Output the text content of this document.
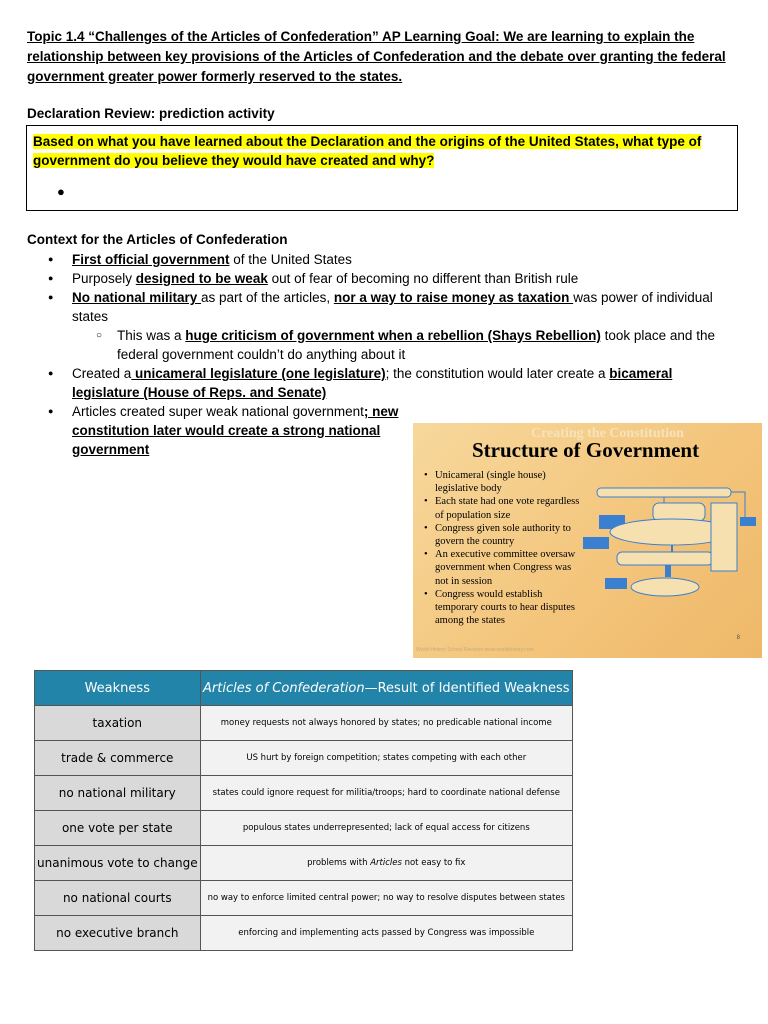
Topic 1.4 “Challenges of the Articles of Confederation” AP Learning Goal: We are learning to explain the relationship between key provisions of the Articles of Confederation and the debate over granting the federal government greater power formerly reserved to the states.
Declaration Review: prediction activity
Based on what you have learned about the Declaration and the origins of the United States, what type of government do you believe they would have created and why?
●
Context for the Articles of Confederation
● First official government of the United States
● Purposely designed to be weak out of fear of becoming no different than British rule
● No national military as part of the articles, nor a way to raise money as taxation was power of individual states
○ This was a huge criticism of government when a rebellion (Shays Rebellion) took place and the federal government couldn’t do anything about it
● Created a unicameral legislature (one legislature); the constitution would later create a bicameral legislature (House of Reps. and Senate)
● Articles created super weak national government; new constitution later would create a strong national government
Creating the Constitution
Structure of Government
• Unicameral (single house) legislative body
• Each state had one vote regardless of population size
• Congress given sole authority to govern the country
• An executive committee oversaw government when Congress was not in session
• Congress would establish temporary courts to hear disputes among the states
World History School Revision www.worldhistory.com
8
Weakness	Articles of Confederation—Result of Identified Weakness
taxation	money requests not always honored by states; no predicable national income
trade & commerce	US hurt by foreign competition; states competing with each other
no national military	states could ignore request for militia/troops; hard to coordinate national defense
one vote per state	populous states underrepresented; lack of equal access for citizens
unanimous vote to change	problems with Articles not easy to fix
no national courts	no way to enforce limited central power; no way to resolve disputes between states
no executive branch	enforcing and implementing acts passed by Congress was impossible
